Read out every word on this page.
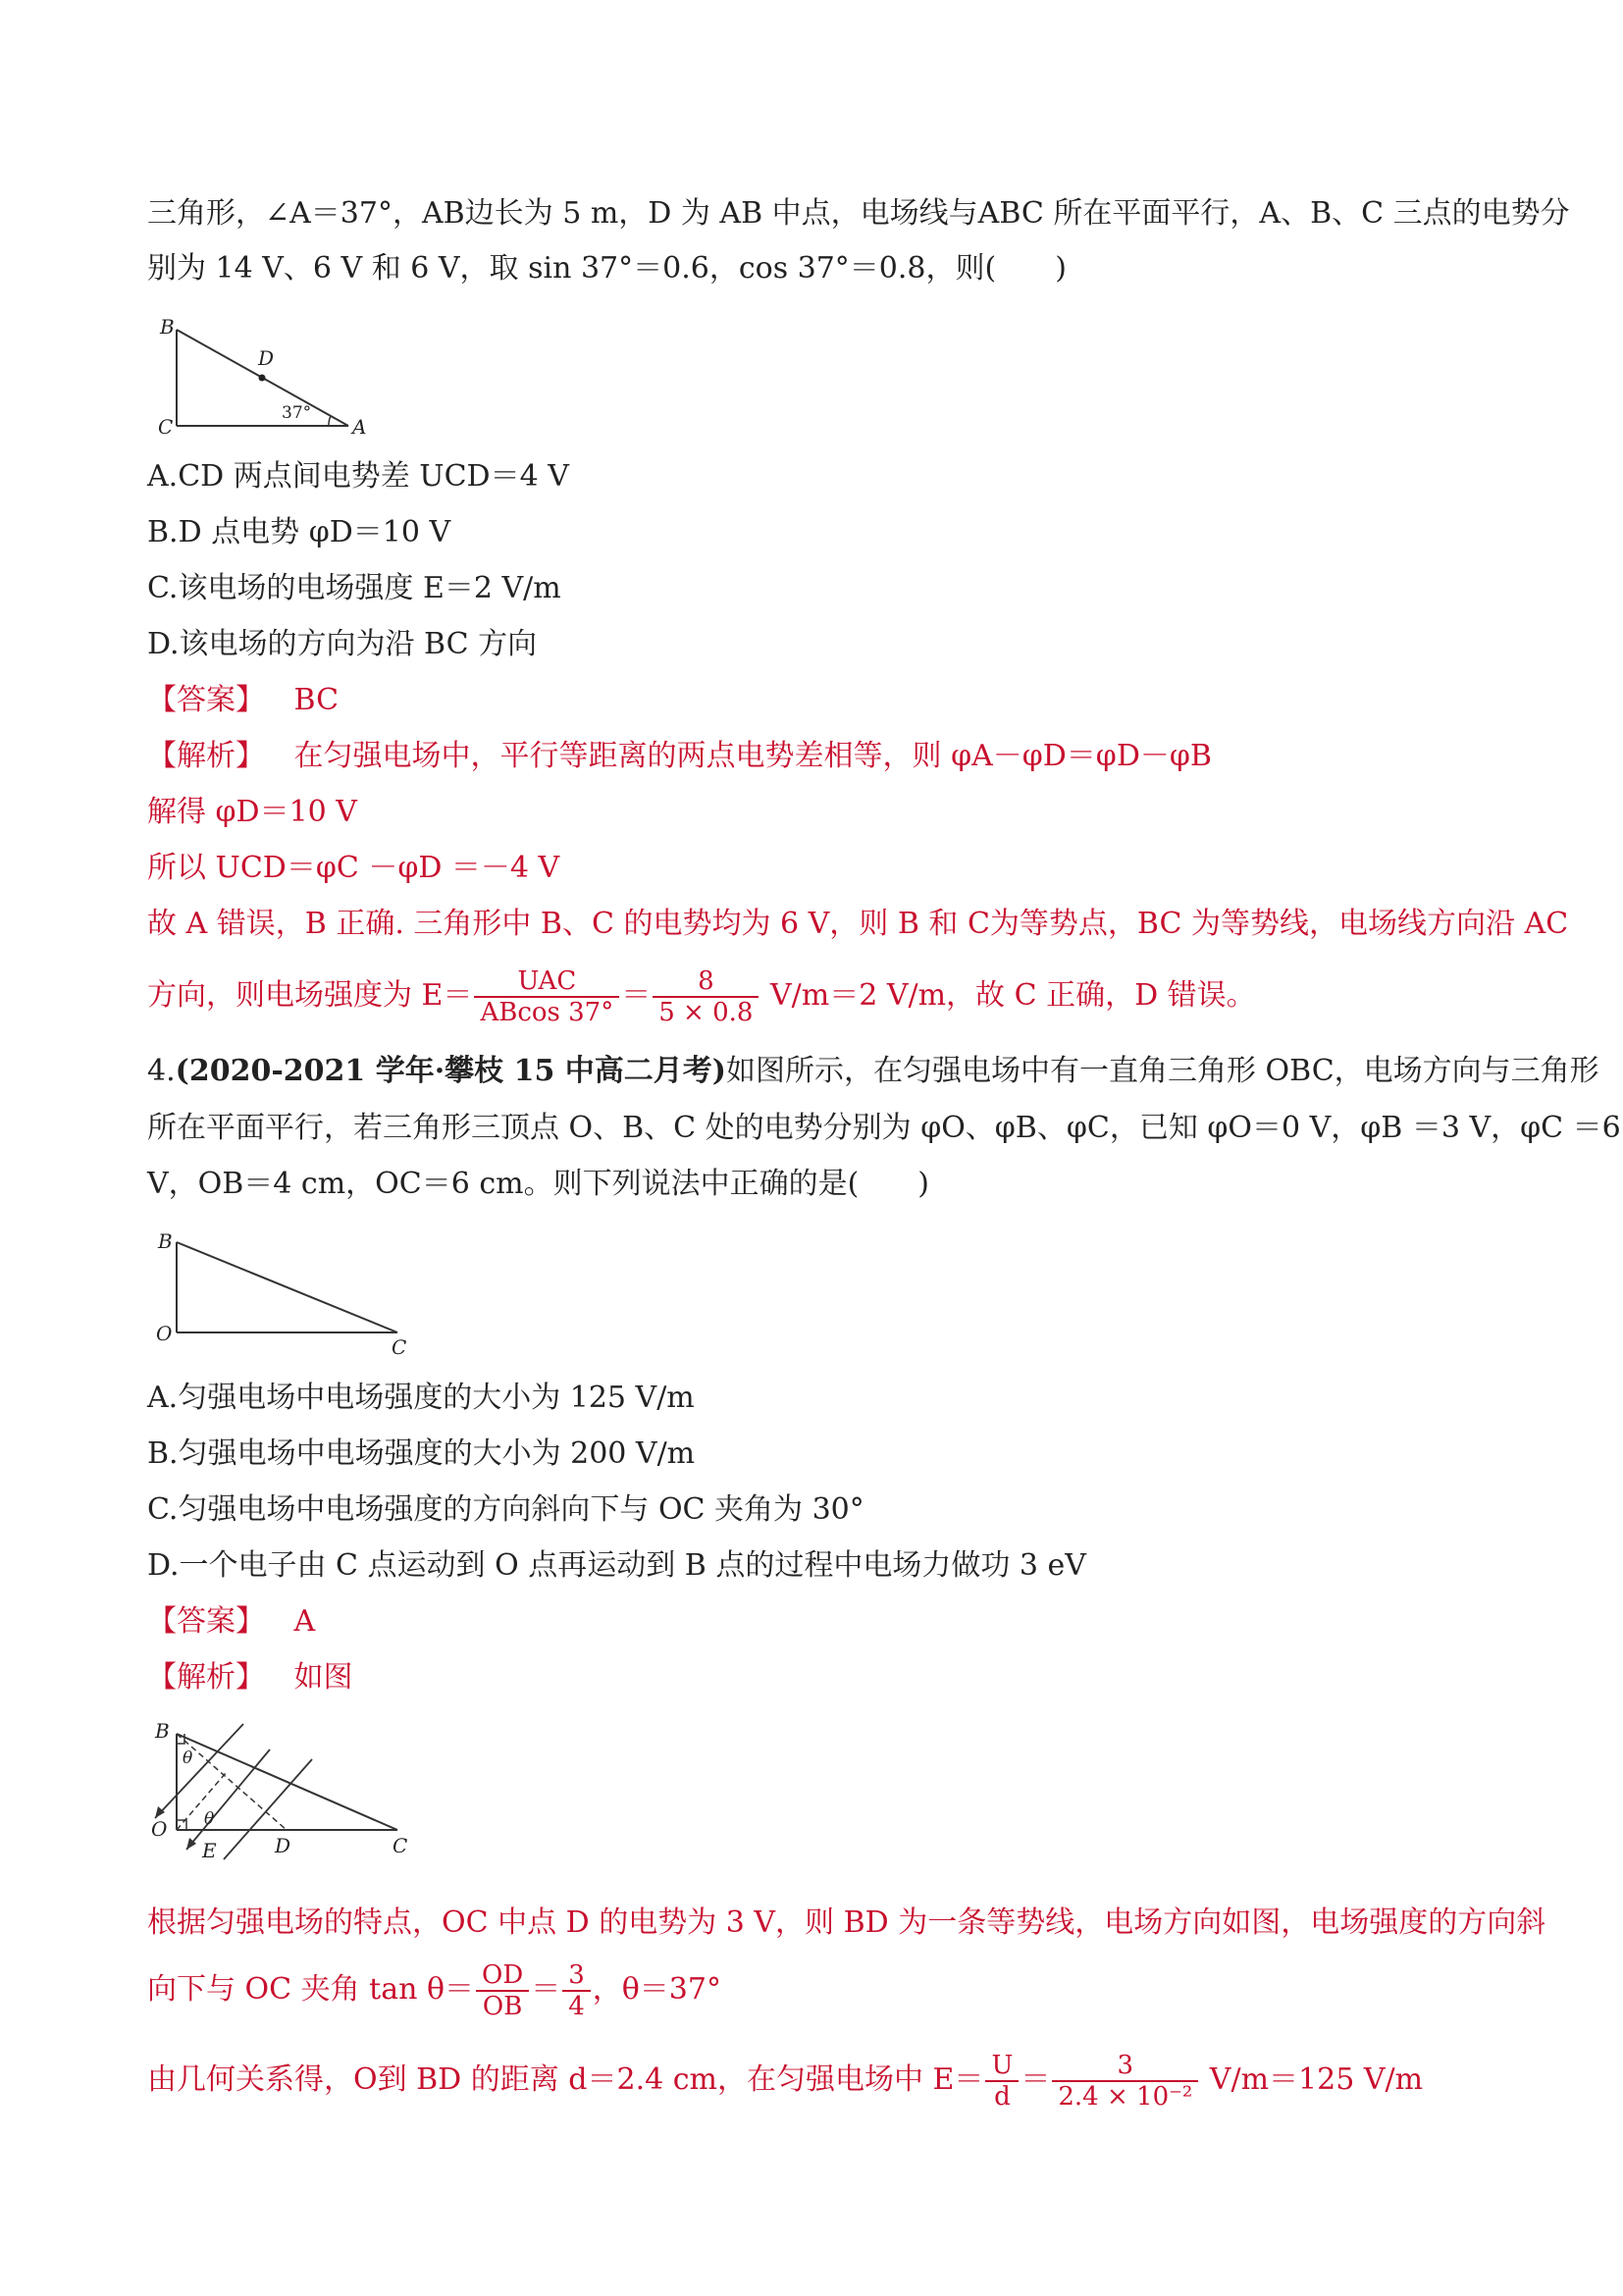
三角形，∠A＝37°，AB边长为 5 m，D 为 AB 中点，电场线与ABC 所在平面平行，A、B、C 三点的电势分
别为 14 V、6 V 和 6 V，取 sin 37°＝0.6，cos 37°＝0.8，则(　　)
B
D
C	A
37°
A.CD 两点间电势差 UCD＝4 V
B.D 点电势 φD＝10 V
C.该电场的电场强度 E＝2 V/m
D.该电场的方向为沿 BC 方向
【答案】 BC
【解析】 在匀强电场中，平行等距离的两点电势差相等，则 φA－φD＝φD－φB
解得 φD＝10 V
所以 UCD＝φC －φD ＝－4 V
故 A 错误，B 正确. 三角形中 B、C 的电势均为 6 V，则 B 和 C为等势点，BC 为等势线，电场线方向沿 AC
方向，则电场强度为 $E= \frac{\text{UAC}}{ABcos 37^\circ} = \frac{8}{5 \times 0.8} V/m=2$ V/m，故 C 正确，D 错误。
4.(2020-2021 学年·攀枝 15 中高二月考)如图所示，在匀强电场中有一直角三角形 OBC，电场方向与三角形
所在平面平行，若三角形三顶点 O、B、C 处的电势分别为 φO、φB、φC，已知 φO＝0 V，φB ＝3 V，φC ＝6
V，OB＝4 cm，OC＝6 cm。则下列说法中正确的是(　　)
B
O
C
A.匀强电场中电场强度的大小为 125 V/m
B.匀强电场中电场强度的大小为 200 V/m
C.匀强电场中电场强度的方向斜向下与 OC 夹角为 30°
D.一个电子由 C 点运动到 O 点再运动到 B 点的过程中电场力做功 3 eV
【答案】 A
【解析】 如图
B
O
E	D	C
θ
θ
根据匀强电场的特点，OC 中点 D 的电势为 3 V，则 BD 为一条等势线，电场方向如图，电场强度的方向斜
向下与 OC 夹角 $\tan \theta= \frac{OD}{OB} = \frac{3}{4}$ ，θ＝37°
由几何关系得，O到 BD 的距离 d＝2.4 cm，在匀强电场中 $E= \frac{U}{d} = \frac{3}{\text{2.4 × 10⁻²}} V/m=125$ V/m
